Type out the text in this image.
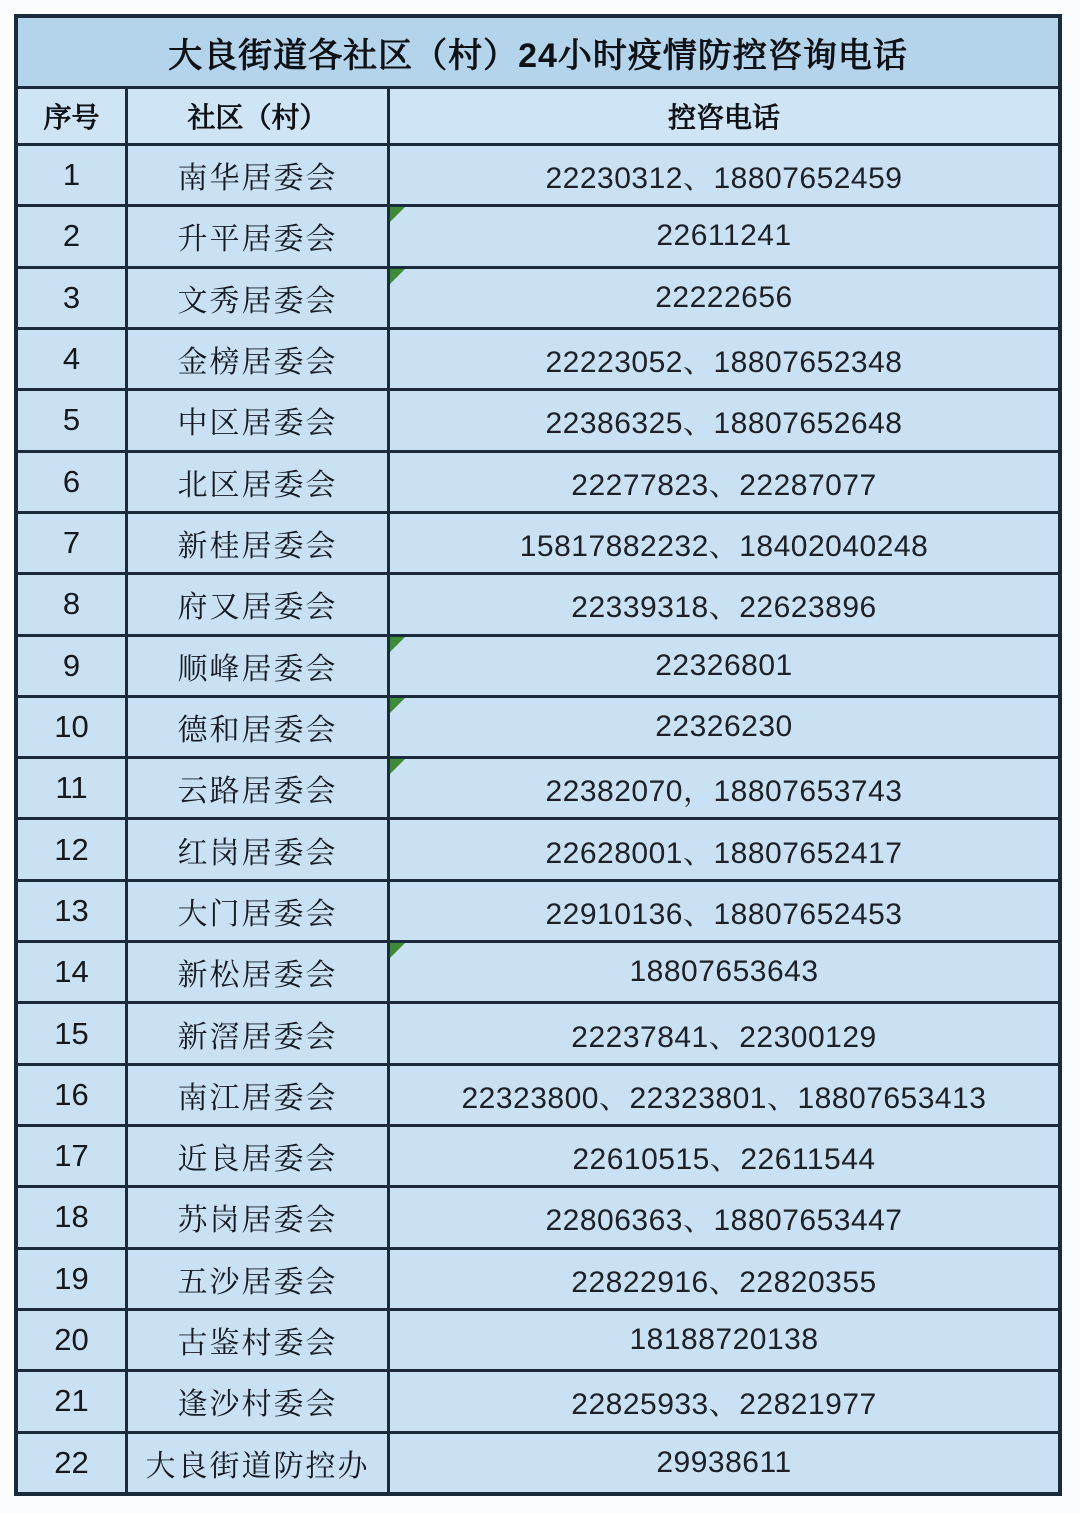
大良街道各社区（村）24小时疫情防控咨询电话
序号	社区（村）	控咨电话
1	南华居委会	22230312、18807652459
2	升平居委会	22611241
3	文秀居委会	22222656
4	金榜居委会	22223052、18807652348
5	中区居委会	22386325、18807652648
6	北区居委会	22277823、22287077
7	新桂居委会	15817882232、18402040248
8	府又居委会	22339318、22623896
9	顺峰居委会	22326801
10	德和居委会	22326230
11	云路居委会	22382070，18807653743
12	红岗居委会	22628001、18807652417
13	大门居委会	22910136、18807652453
14	新松居委会	18807653643
15	新滘居委会	22237841、22300129
16	南江居委会	22323800、22323801、18807653413
17	近良居委会	22610515、22611544
18	苏岗居委会	22806363、18807653447
19	五沙居委会	22822916、22820355
20	古鉴村委会	18188720138
21	逢沙村委会	22825933、22821977
22	大良街道防控办	29938611
